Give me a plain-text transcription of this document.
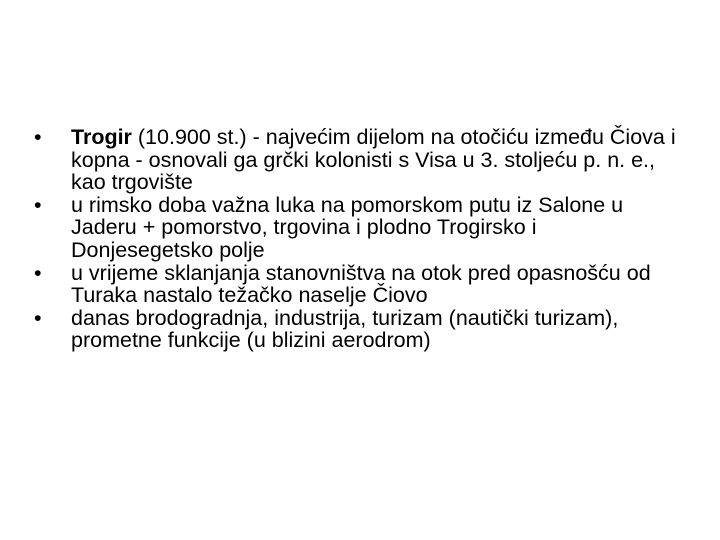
•	Trogir (10.900 st.) - najvećim dijelom na otočiću između Čiova i kopna - osnovali ga grčki kolonisti s Visa u 3. stoljeću p. n. e., kao trgovište
•	u rimsko doba važna luka na pomorskom putu iz Salone u Jaderu + pomorstvo, trgovina i plodno Trogirsko i Donjesegetsko polje
•	u vrijeme sklanjanja stanovništva na otok pred opasnošću od Turaka nastalo težačko naselje Čiovo
•	danas brodogradnja, industrija, turizam (nautički turizam), prometne funkcije (u blizini aerodrom)
